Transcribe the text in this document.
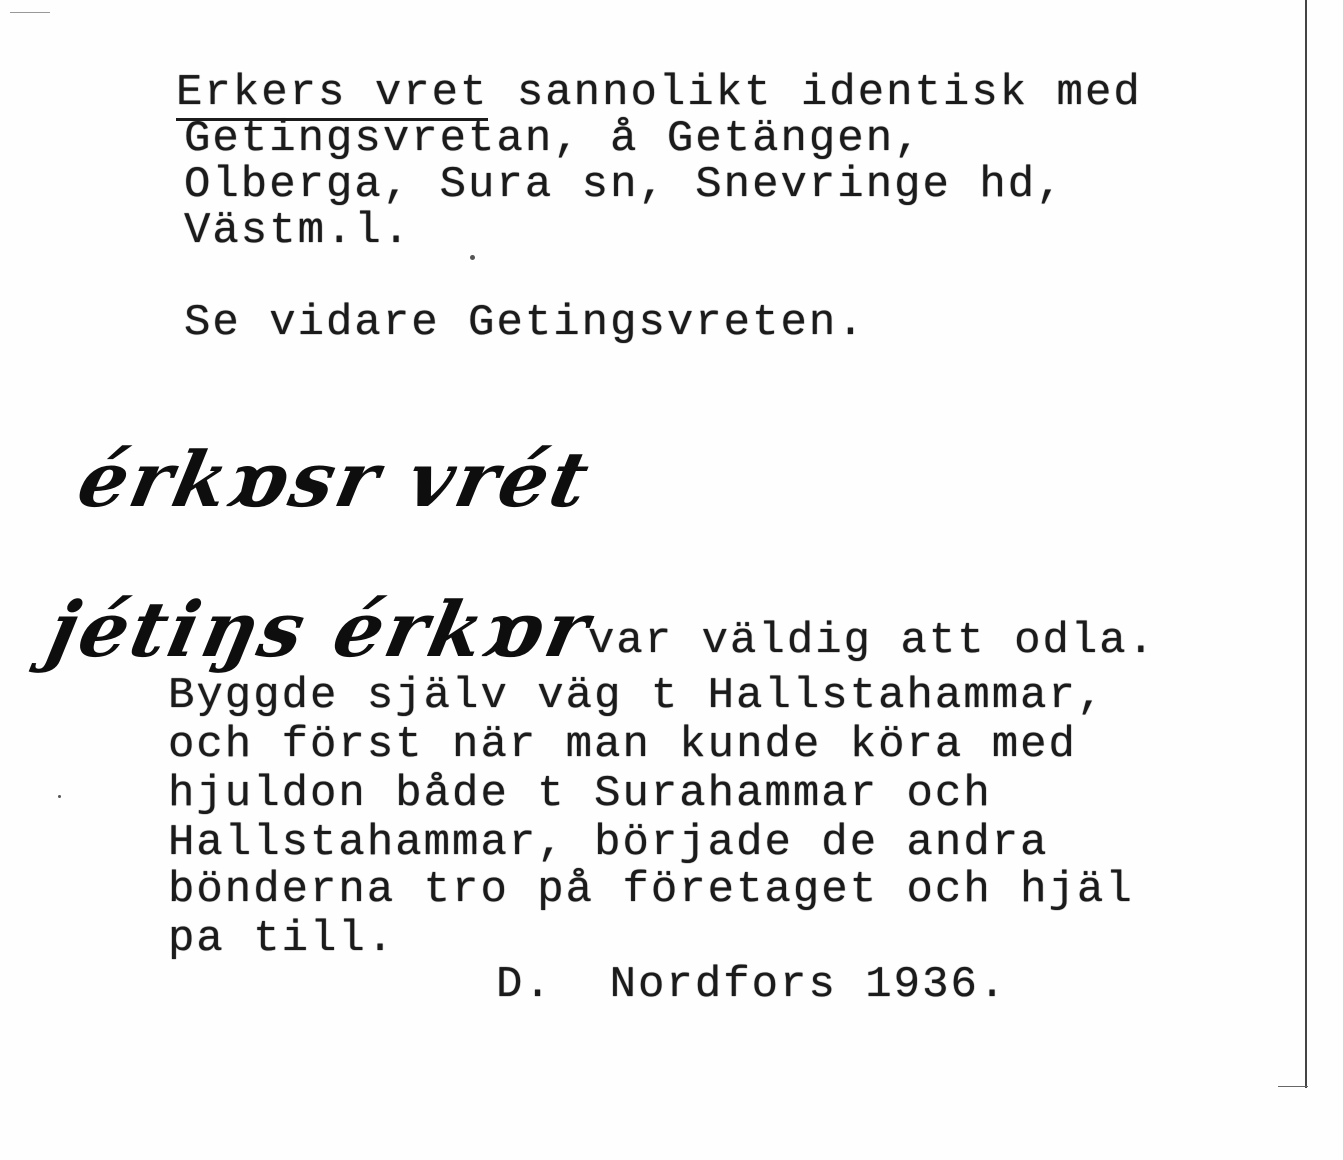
Erkers vret sannolikt identisk med
Getingsvretan, å Getängen,
Olberga, Sura sn, Snevringe hd,
Västm.l.
Se vidare Getingsvreten.
érkɒsr vrét
jétiŋs érkɒr
var väldig att odla.
Byggde själv väg t Hallstahammar,
och först när man kunde köra med
hjuldon både t Surahammar och
Hallstahammar, började de andra
bönderna tro på företaget och hjäl
pa till.
D.  Nordfors 1936.
